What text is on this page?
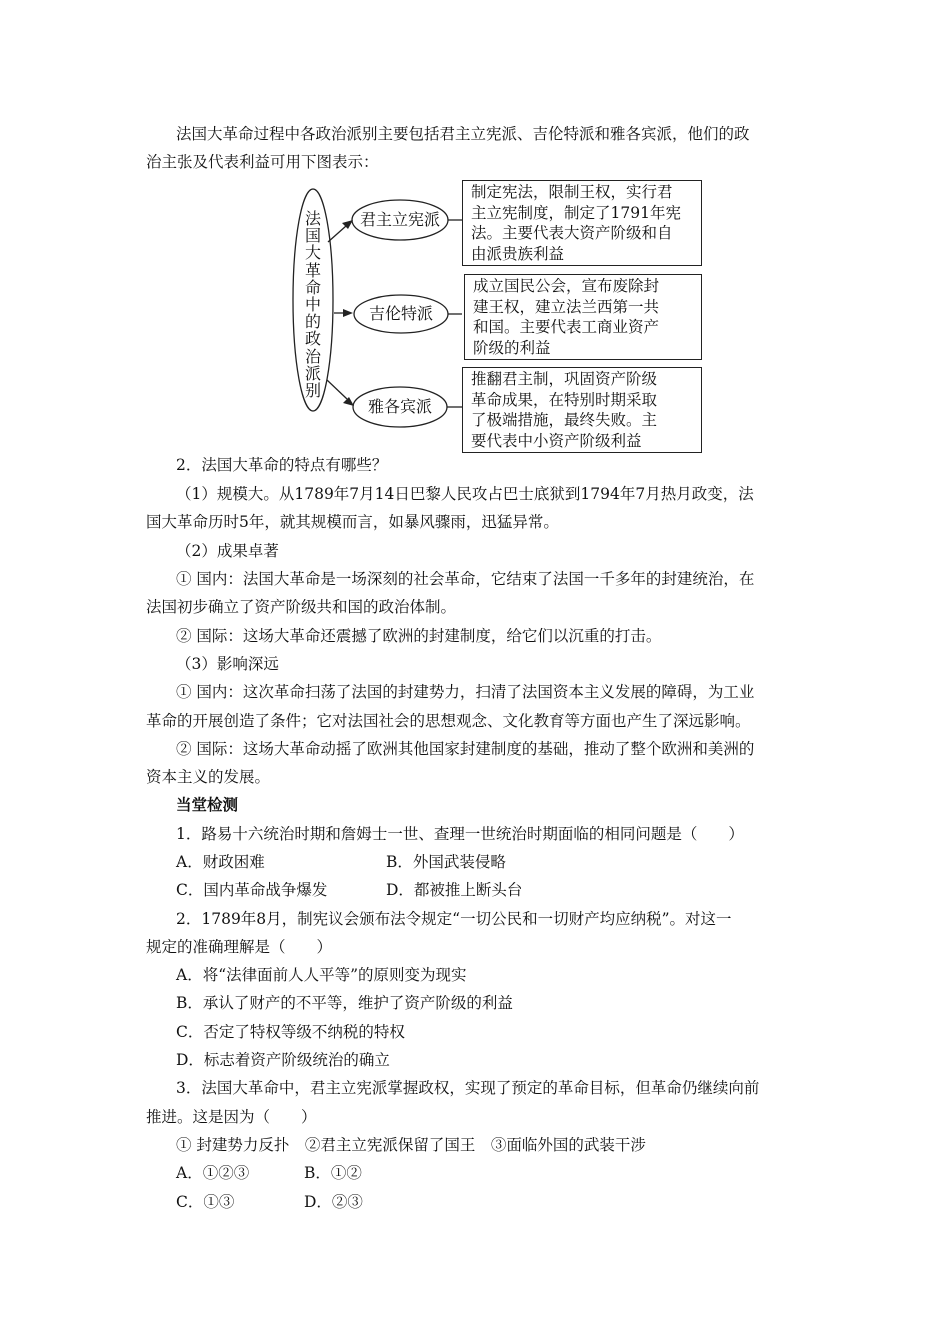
法国大革命过程中各政治派别主要包括君主立宪派、吉伦特派和雅各宾派，他们的政
治主张及代表利益可用下图表示：
法
国
大
革
命
中
的
政
治
派
别
君主立宪派
吉伦特派
雅各宾派
制定宪法，限制王权，实行君
主立宪制度，制定了1791年宪
法。主要代表大资产阶级和自
由派贵族利益
成立国民公会，宣布废除封
建王权，建立法兰西第一共
和国。主要代表工商业资产
阶级的利益
推翻君主制，巩固资产阶级
革命成果，在特别时期采取
了极端措施，最终失败。主
要代表中小资产阶级利益
2．法国大革命的特点有哪些？
（1）规模大。从1789年7月14日巴黎人民攻占巴士底狱到1794年7月热月政变，法
国大革命历时5年，就其规模而言，如暴风骤雨，迅猛异常。
（2）成果卓著
① 国内：法国大革命是一场深刻的社会革命，它结束了法国一千多年的封建统治，在
法国初步确立了资产阶级共和国的政治体制。
② 国际：这场大革命还震撼了欧洲的封建制度，给它们以沉重的打击。
（3）影响深远
① 国内：这次革命扫荡了法国的封建势力，扫清了法国资本主义发展的障碍，为工业
革命的开展创造了条件；它对法国社会的思想观念、文化教育等方面也产生了深远影响。
② 国际：这场大革命动摇了欧洲其他国家封建制度的基础，推动了整个欧洲和美洲的
资本主义的发展。
当堂检测
1．路易十六统治时期和詹姆士一世、查理一世统治时期面临的相同问题是（　　）
A．财政困难	B．外国武装侵略
C．国内革命战争爆发	D．都被推上断头台
2．1789年8月，制宪议会颁布法令规定“一切公民和一切财产均应纳税”。对这一
规定的准确理解是（　　）
A．将“法律面前人人平等”的原则变为现实
B．承认了财产的不平等，维护了资产阶级的利益
C．否定了特权等级不纳税的特权
D．标志着资产阶级统治的确立
3．法国大革命中，君主立宪派掌握政权，实现了预定的革命目标，但革命仍继续向前
推进。这是因为（　　）
① 封建势力反扑　②君主立宪派保留了国王　③面临外国的武装干涉
A．①②③	B．①②
C．①③	D．②③
